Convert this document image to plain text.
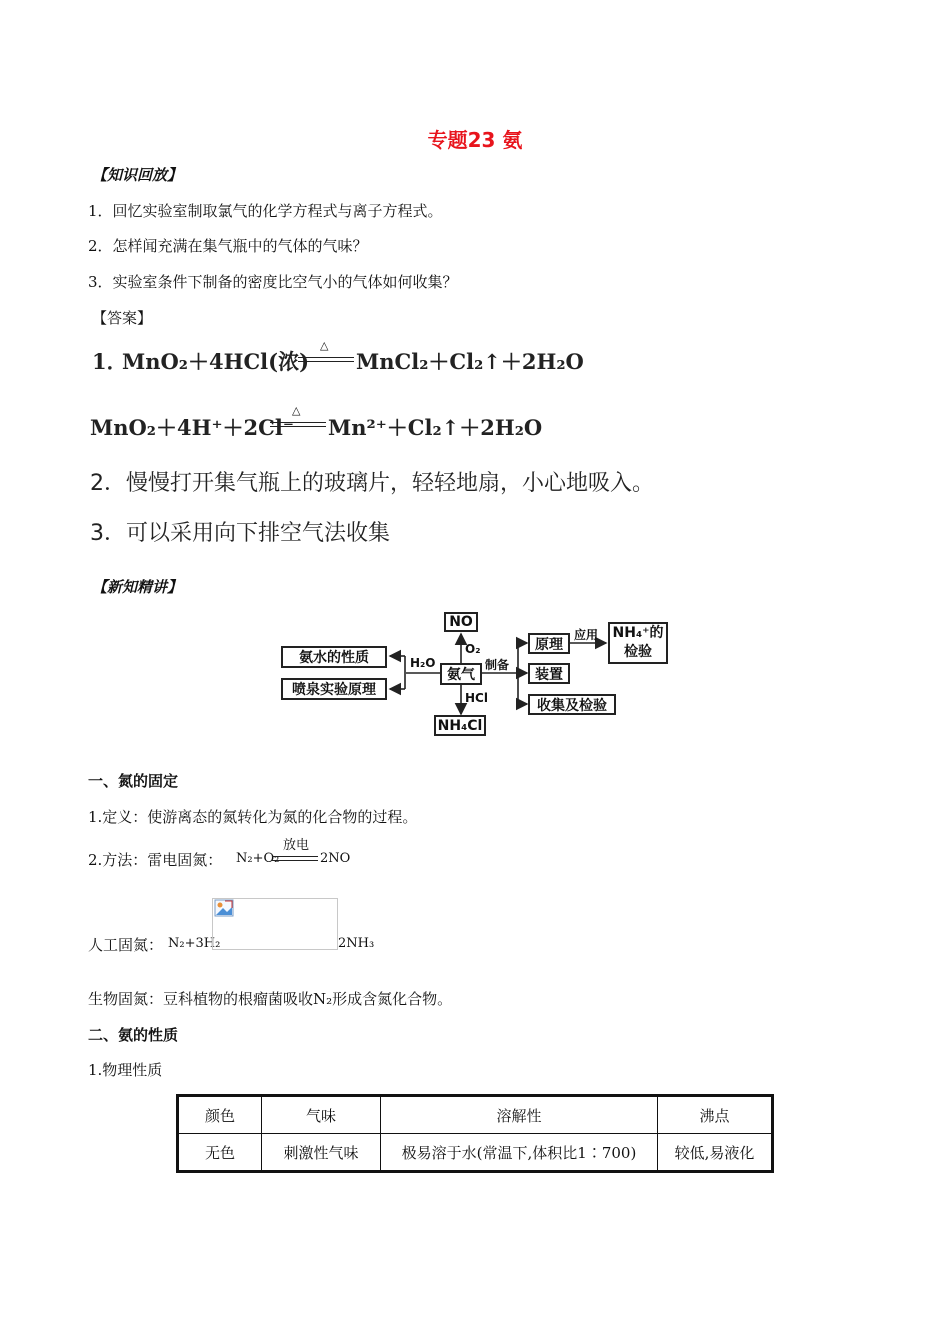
专题23 氨
【知识回放】
1．回忆实验室制取氯气的化学方程式与离子方程式。
2．怎样闻充满在集气瓶中的气体的气味？
3．实验室条件下制备的密度比空气小的气体如何收集？
【答案】
1．
MnO₂＋4HCl(浓)
△
MnCl₂＋Cl₂↑＋2H₂O
MnO₂＋4H⁺＋2Cl⁻
△
Mn²⁺＋Cl₂↑＋2H₂O
2．慢慢打开集气瓶上的玻璃片，轻轻地扇，小心地吸入。
3．可以采用向下排空气法收集
【新知精讲】
NO
O₂
氨气
H₂O
HCl
NH₄Cl
制备
氨水的性质
喷泉实验原理
原理
应用 NH₄⁺的
检验
装置
收集及检验
一、氮的固定
1.定义：使游离态的氮转化为氮的化合物的过程。
2.方法：雷电固氮： N₂+O₂
放电
2NO
人工固氮： N₂+3H₂	2NH₃
生物固氮：豆科植物的根瘤菌吸收N₂形成含氮化合物。
二、氨的性质
1.物理性质
颜色	气味	溶解性	沸点
无色	刺激性气味	极易溶于水(常温下,体积比1∶700)	较低,易液化
